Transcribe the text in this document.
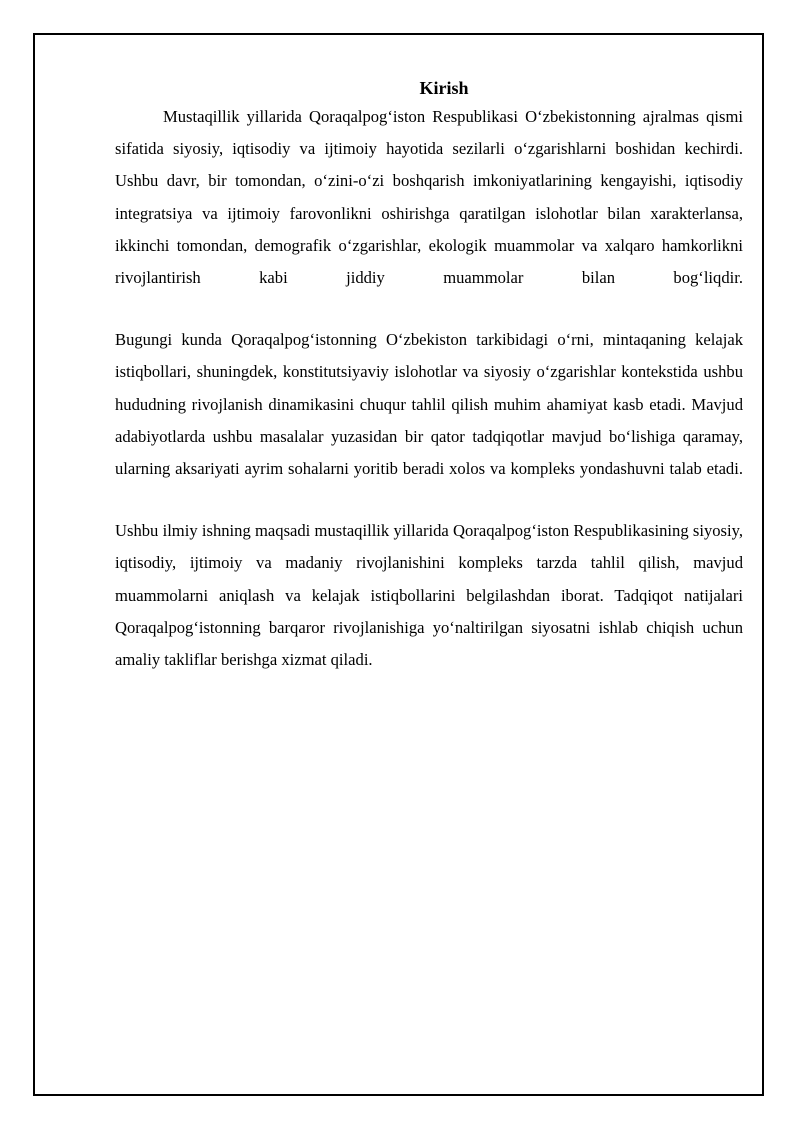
Kirish

Mustaqillik yillarida Qoraqalpog‘iston Respublikasi O‘zbekistonning ajralmas qismi sifatida siyosiy, iqtisodiy va ijtimoiy hayotida sezilarli o‘zgarishlarni boshidan kechirdi. Ushbu davr, bir tomondan, o‘zini-o‘zi boshqarish imkoniyatlarining kengayishi, iqtisodiy integratsiya va ijtimoiy farovonlikni oshirishga qaratilgan islohotlar bilan xarakterlansa, ikkinchi tomondan, demografik o‘zgarishlar, ekologik muammolar va xalqaro hamkorlikni rivojlantirish kabi jiddiy muammolar bilan bog‘liqdir.

Bugungi kunda Qoraqalpog‘istonning O‘zbekiston tarkibidagi o‘rni, mintaqaning kelajak istiqbollari, shuningdek, konstitutsiyaviy islohotlar va siyosiy o‘zgarishlar kontekstida ushbu hududning rivojlanish dinamikasini chuqur tahlil qilish muhim ahamiyat kasb etadi. Mavjud adabiyotlarda ushbu masalalar yuzasidan bir qator tadqiqotlar mavjud bo‘lishiga qaramay, ularning aksariyati ayrim sohalarni yoritib beradi xolos va kompleks yondashuvni talab etadi.

Ushbu ilmiy ishning maqsadi mustaqillik yillarida Qoraqalpog‘iston Respublikasining siyosiy, iqtisodiy, ijtimoiy va madaniy rivojlanishini kompleks tarzda tahlil qilish, mavjud muammolarni aniqlash va kelajak istiqbollarini belgilashdan iborat. Tadqiqot natijalari Qoraqalpog‘istonning barqaror rivojlanishiga yo‘naltirilgan siyosatni ishlab chiqish uchun amaliy takliflar berishga xizmat qiladi.
